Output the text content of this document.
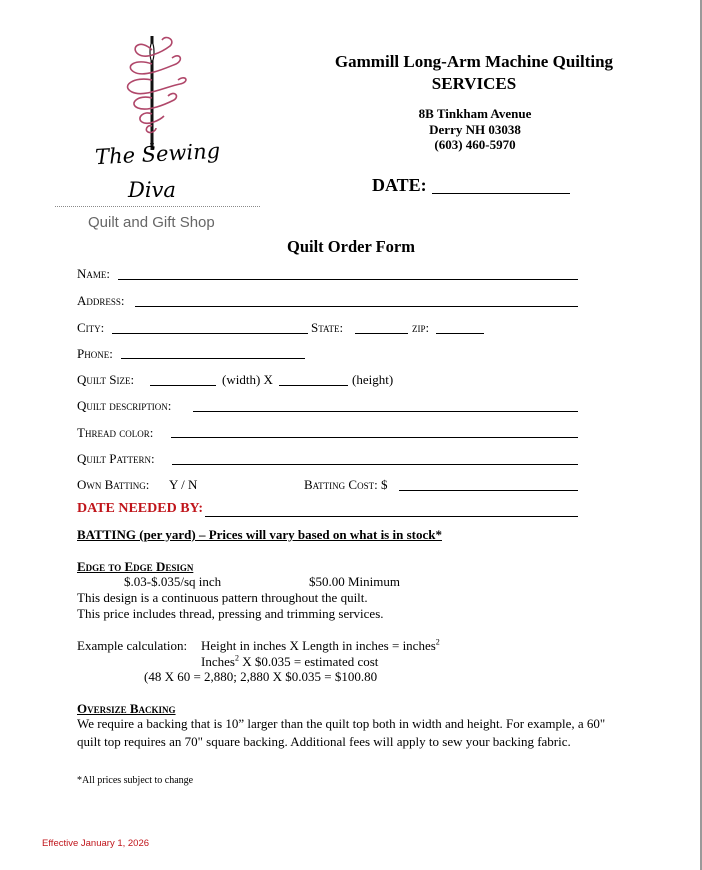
The Sewing
Diva
Quilt and Gift Shop
Gammill Long-Arm Machine Quilting
SERVICES
8B Tinkham Avenue
Derry NH 03038
(603) 460-5970
DATE:
Quilt Order Form
Name:
Address:
City:	State:	zip:
Phone:
Quilt Size:	(width) X	(height)
Quilt description:
Thread color:
Quilt Pattern:
Own Batting: Y / N	Batting Cost: $
DATE NEEDED BY:
BATTING (per yard) – Prices will vary based on what is in stock*
Edge to Edge Design
$.03-$.035/sq inch	$50.00 Minimum
This design is a continuous pattern throughout the quilt.
This price includes thread, pressing and trimming services.
Example calculation: Height in inches X Length in inches = inches$^2$
Inches$^2$ X $0.035 = estimated cost
(48 X 60 = 2,880; 2,880 X $0.035 = $100.80
Oversize Backing
We require a backing that is 10” larger than the quilt top both in width and height. For example, a 60"
quilt top requires an 70" square backing. Additional fees will apply to sew your backing fabric.
*All prices subject to change
Effective January 1, 2026
